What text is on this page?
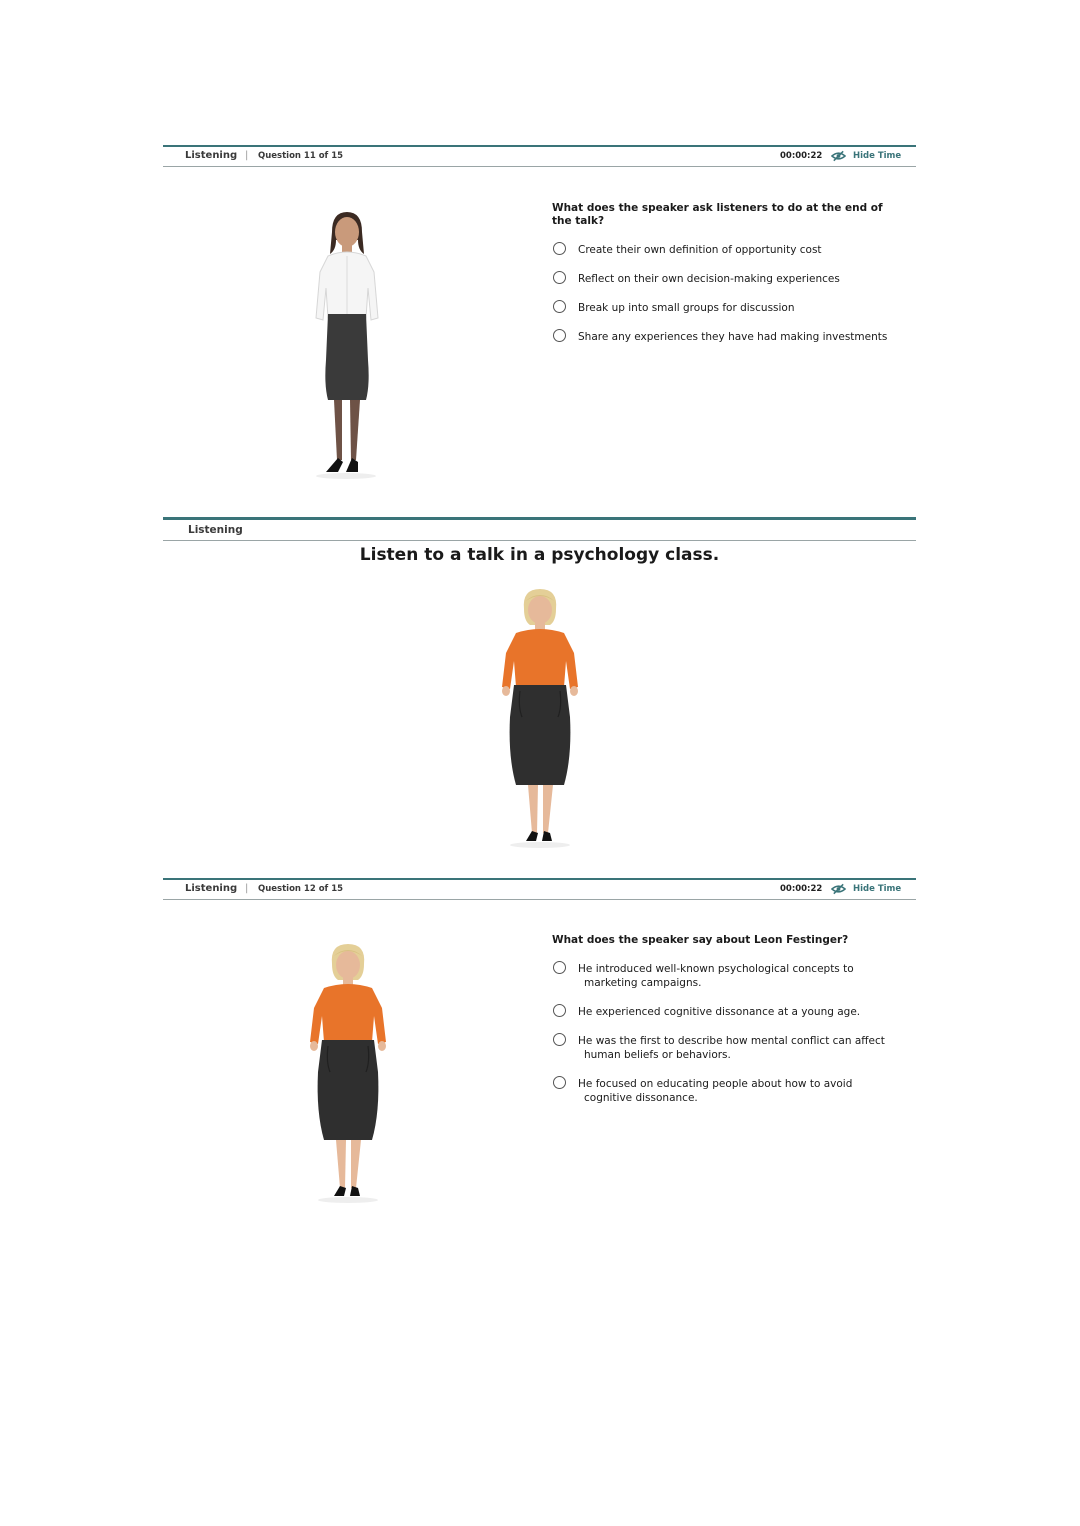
Listening | Question 11 of 15	00:00:22	Hide Time
What does the speaker ask listeners to do at the end of the talk?
Create their own definition of opportunity cost
Reflect on their own decision-making experiences
Break up into small groups for discussion
Share any experiences they have had making investments
Listening
Listen to a talk in a psychology class.
Listening | Question 12 of 15	00:00:22	Hide Time
What does the speaker say about Leon Festinger?
He introduced well-known psychological concepts to marketing campaigns.
He experienced cognitive dissonance at a young age.
He was the first to describe how mental conflict can affect human beliefs or behaviors.
He focused on educating people about how to avoid cognitive dissonance.
